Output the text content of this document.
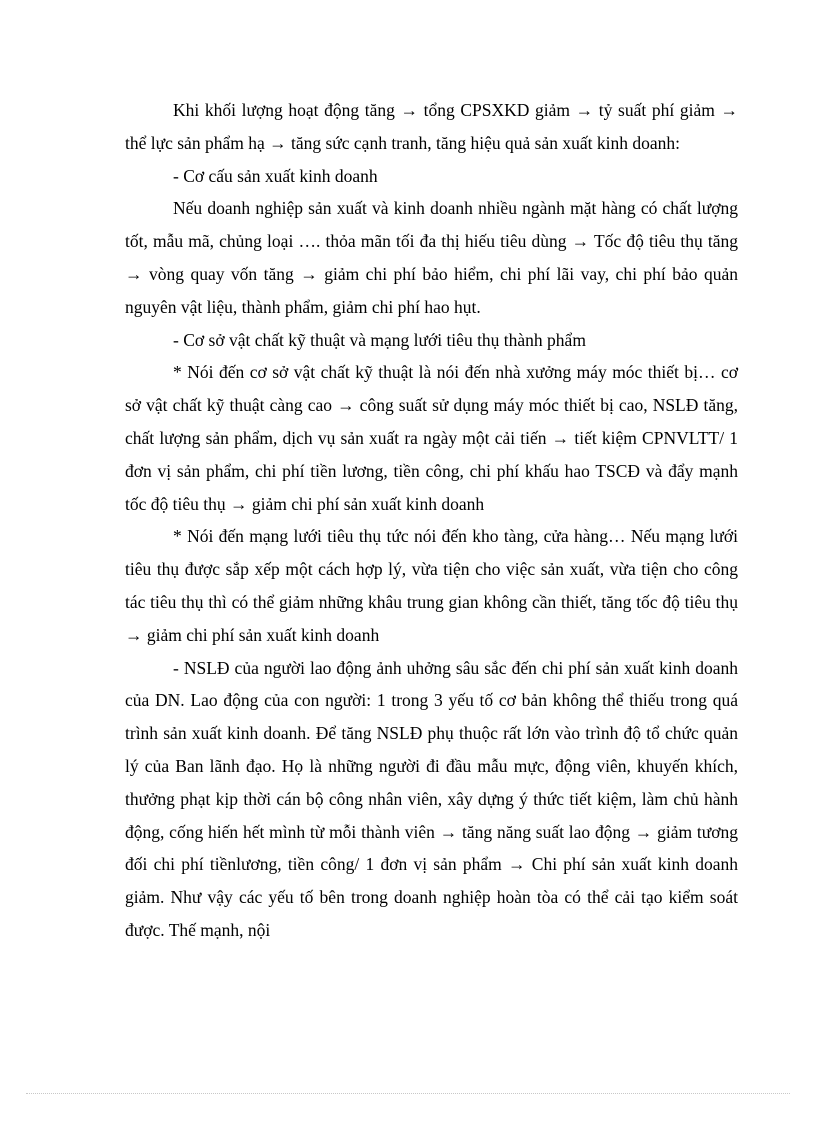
Khi khối lượng hoạt động tăng → tổng CPSXKD giảm → tỷ suất phí giảm → thể lực sản phẩm hạ → tăng sức cạnh tranh, tăng hiệu quả sản xuất kinh doanh:

- Cơ cấu sản xuất kinh doanh

Nếu doanh nghiệp sản xuất và kinh doanh nhiều ngành mặt hàng có chất lượng tốt, mẫu mã, chủng loại …. thỏa mãn tối đa thị hiếu tiêu dùng → Tốc độ tiêu thụ tăng → vòng quay vốn tăng → giảm chi phí bảo hiểm, chi phí lãi vay, chi phí bảo quản nguyên vật liệu, thành phẩm, giảm chi phí hao hụt.

- Cơ sở vật chất kỹ thuật và mạng lưới tiêu thụ thành phẩm

* Nói đến cơ sở vật chất kỹ thuật là nói đến nhà xưởng máy móc thiết bị… cơ sở vật chất kỹ thuật càng cao → công suất sử dụng máy móc thiết bị cao, NSLĐ tăng, chất lượng sản phẩm, dịch vụ sản xuất ra ngày một cải tiến → tiết kiệm CPNVLTT/ 1 đơn vị sản phẩm, chi phí tiền lương, tiền công, chi phí khấu hao TSCĐ và đẩy mạnh tốc độ tiêu thụ → giảm chi phí sản xuất kinh doanh

* Nói đến mạng lưới tiêu thụ tức nói đến kho tàng, cửa hàng… Nếu mạng lưới tiêu thụ được sắp xếp một cách hợp lý, vừa tiện cho việc sản xuất, vừa tiện cho công tác tiêu thụ thì có thể giảm những khâu trung gian không cần thiết, tăng tốc độ tiêu thụ → giảm chi phí sản xuất kinh doanh

- NSLĐ của người lao động ảnh uhởng sâu sắc đến chi phí sản xuất kinh doanh của DN. Lao động của con người: 1 trong 3 yếu tố cơ bản không thể thiếu trong quá trình sản xuất kinh doanh. Để tăng NSLĐ phụ thuộc rất lớn vào trình độ tổ chức quản lý của Ban lãnh đạo. Họ là những người đi đầu mẫu mực, động viên, khuyến khích, thưởng phạt kịp thời cán bộ công nhân viên, xây dựng ý thức tiết kiệm, làm chủ hành động, cống hiến hết mình từ mỗi thành viên → tăng năng suất lao động → giảm tương đối chi phí tiềnlương, tiền công/ 1 đơn vị sản phẩm → Chi phí sản xuất kinh doanh giảm. Như vậy các yếu tố bên trong doanh nghiệp hoàn tòa có thể cải tạo kiểm soát được. Thế mạnh, nội
